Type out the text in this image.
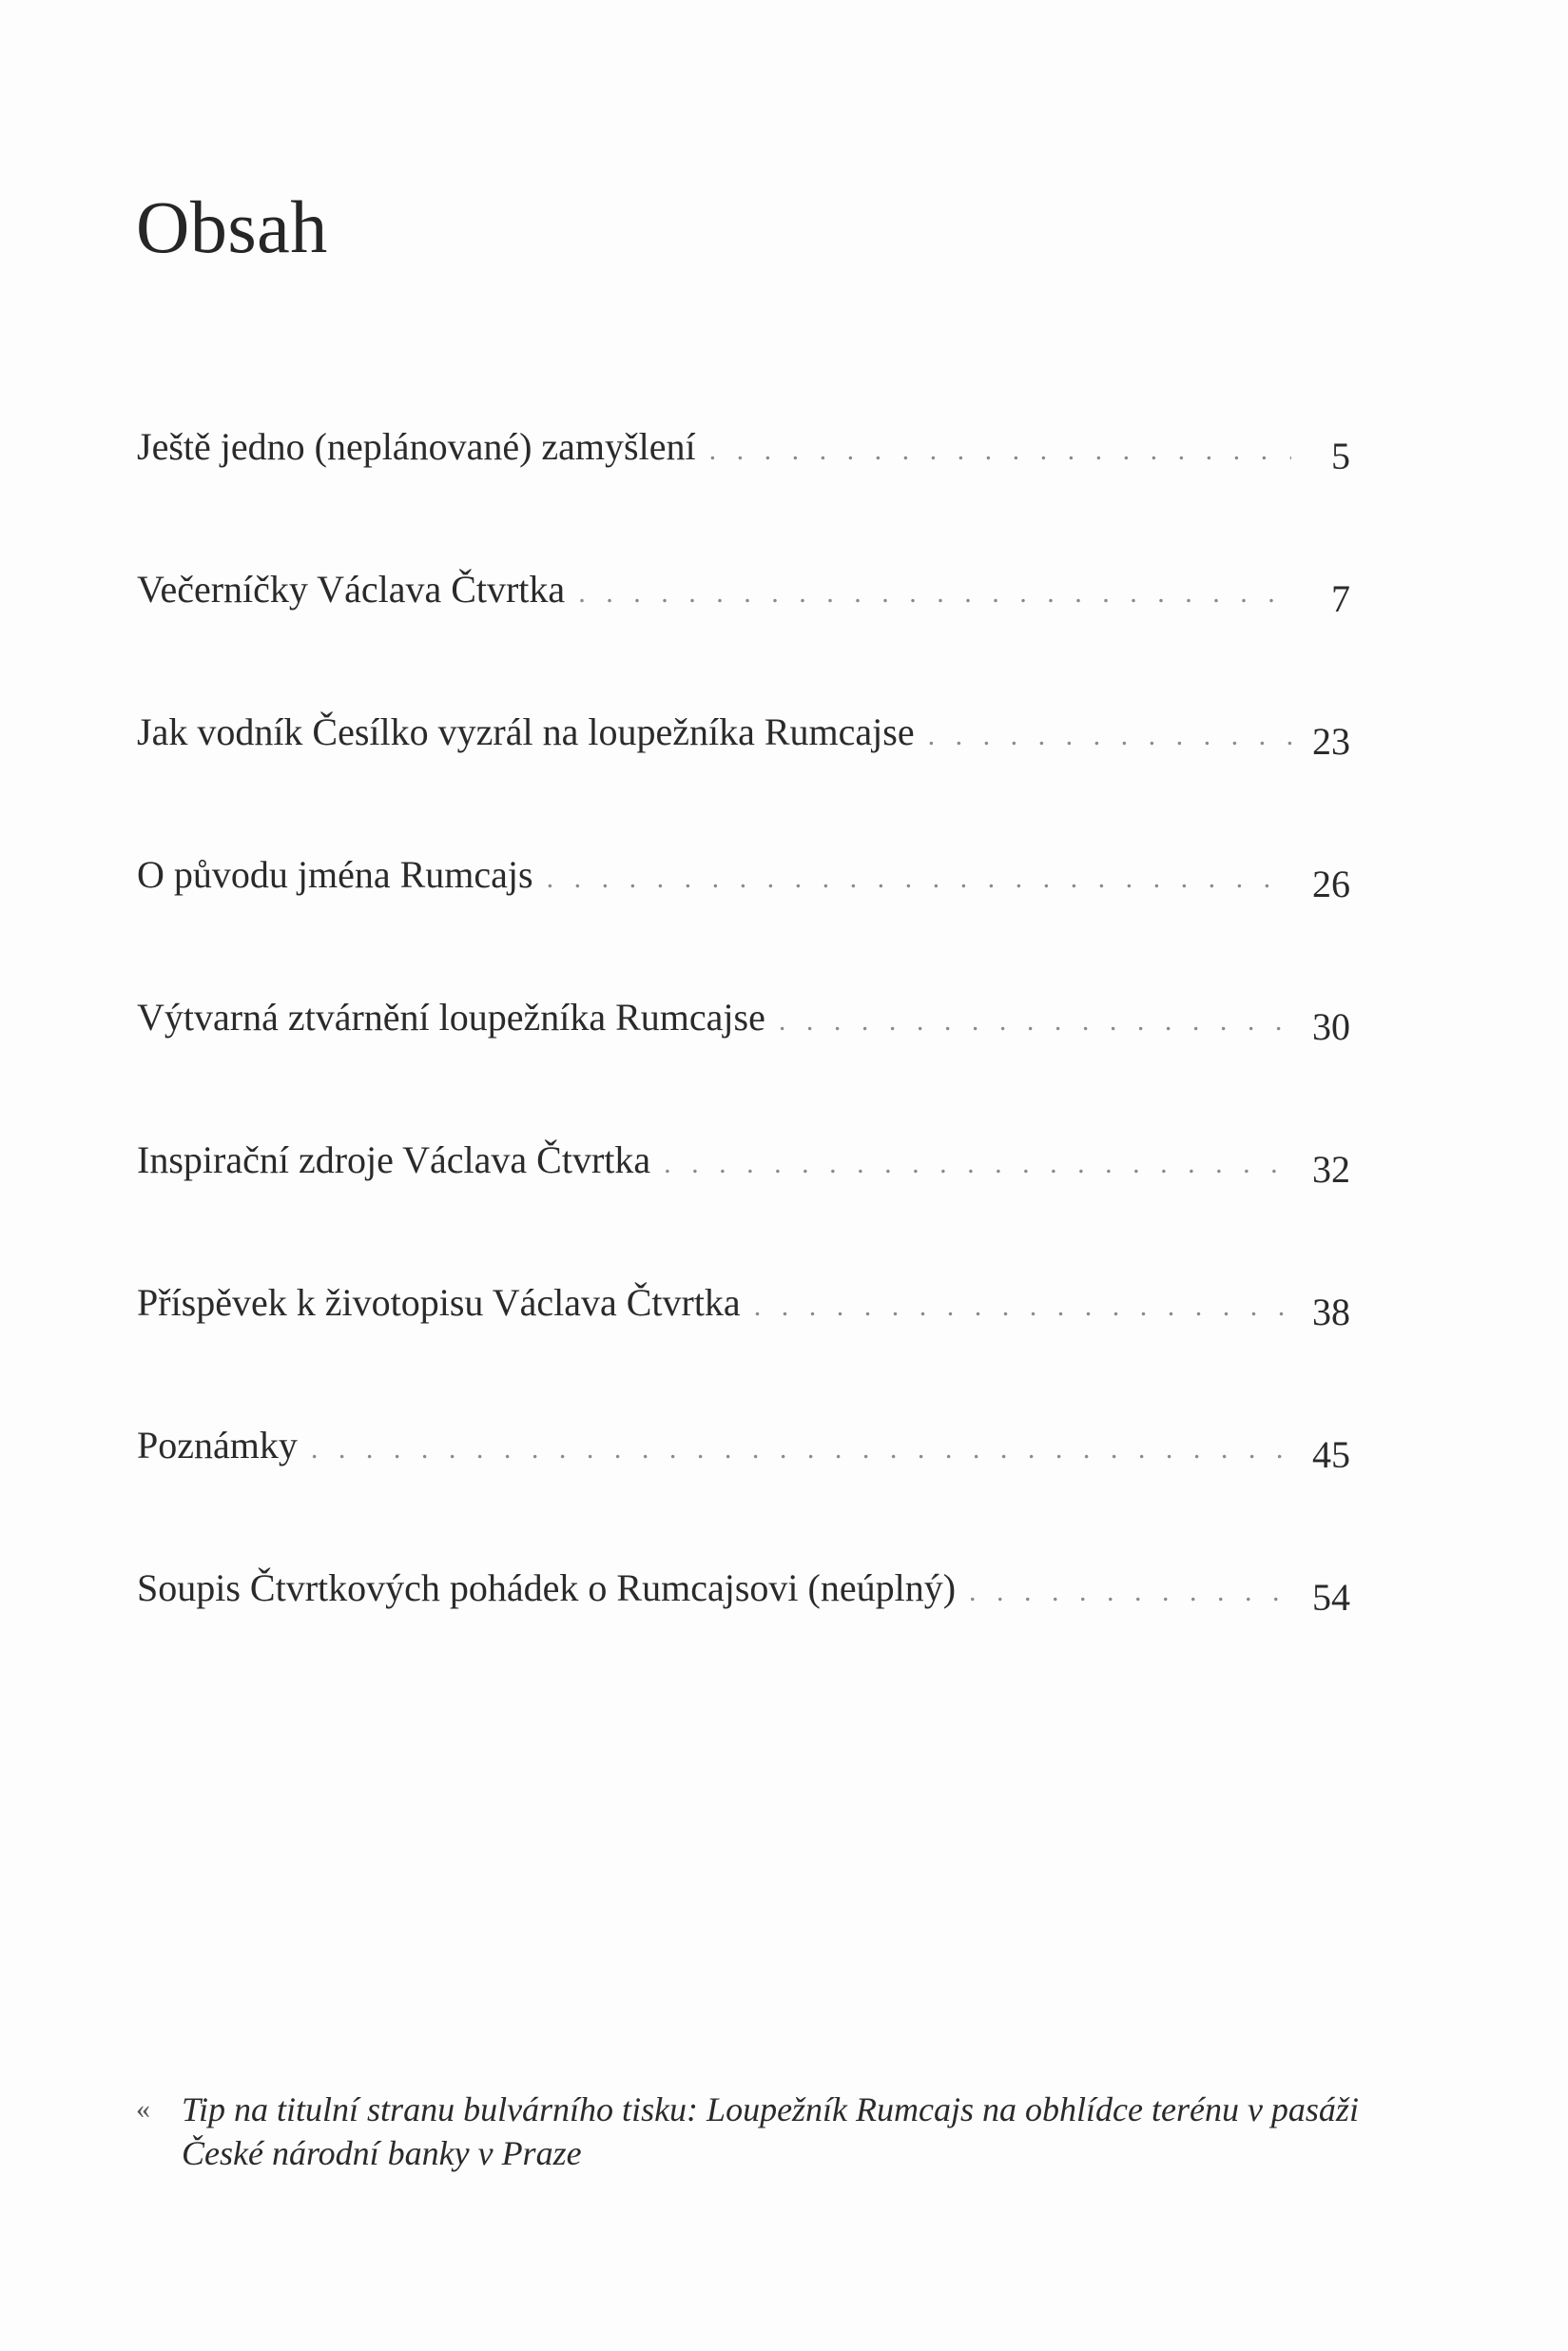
Obsah
Ještě jedno (neplánované) zamyšlení . . .	5
Večerníčky Václava Čtvrtka . . .	7
Jak vodník Česílko vyzrál na loupežníka Rumcajse . . .	23
O původu jména Rumcajs . . .	26
Výtvarná ztvárnění loupežníka Rumcajse . . .	30
Inspirační zdroje Václava Čtvrtka . . .	32
Příspěvek k životopisu Václava Čtvrtka . . .	38
Poznámky . . .	45
Soupis Čtvrtkových pohádek o Rumcajsovi (neúplný) . . .	54
« Tip na titulní stranu bulvárního tisku: Loupežník Rumcajs na obhlídce terénu v pasáži České národní banky v Praze
